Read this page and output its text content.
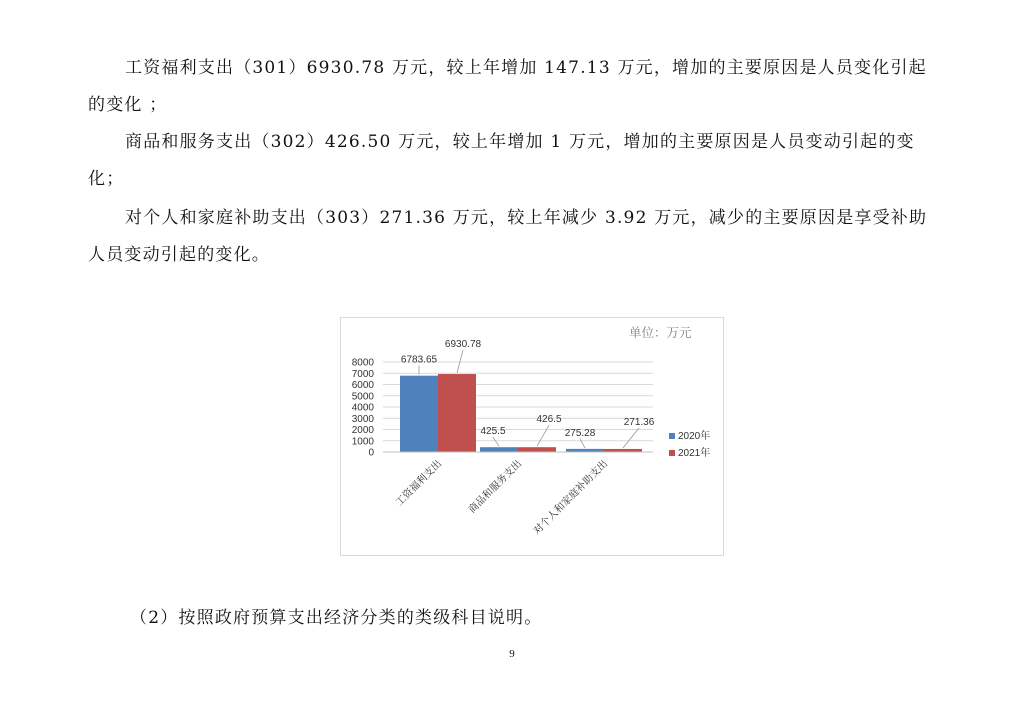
工资福利支出（301）6930.78 万元，较上年增加 147.13 万元，增加的主要原因是人员变化引起的变化 ；

商品和服务支出（302）426.50 万元，较上年增加 1 万元，增加的主要原因是人员变动引起的变化；

对个人和家庭补助支出（303）271.36 万元，较上年减少 3.92 万元，减少的主要原因是享受补助人员变动引起的变化。

单位：万元
8000
7000
6000
5000
4000
3000
2000
1000
0
6783.65
6930.78
工资福利支出
425.5
426.5
商品和服务支出
275.28
271.36
对个人和家庭补助支出
2020年
2021年

（2）按照政府预算支出经济分类的类级科目说明。

9
